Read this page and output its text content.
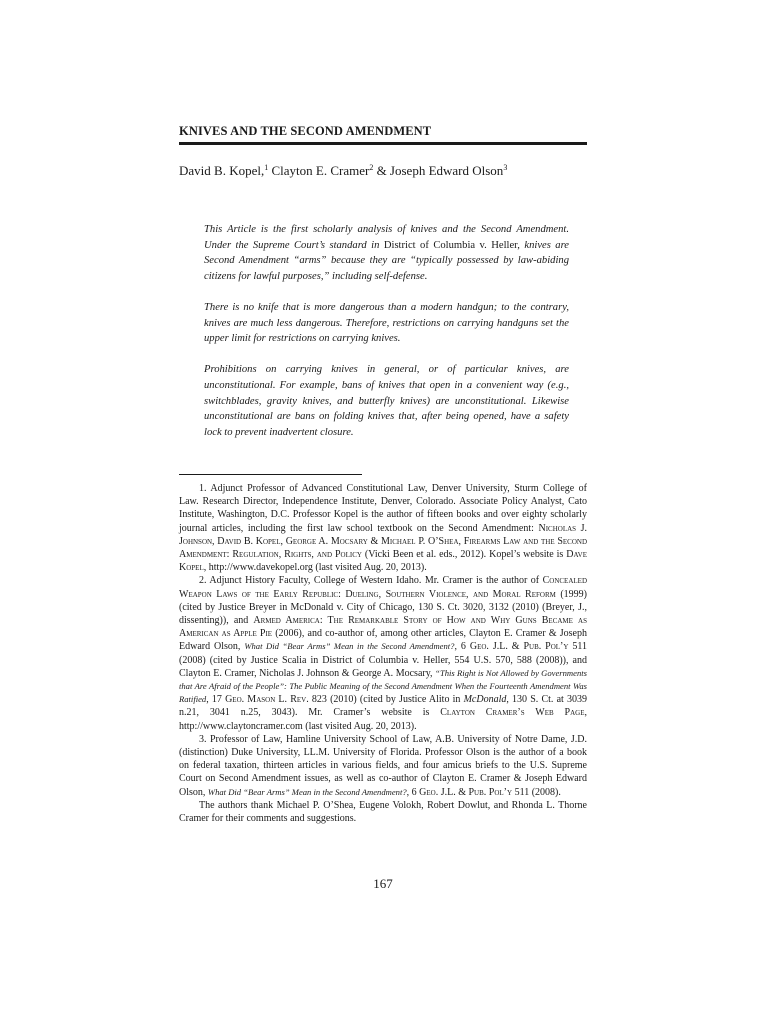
KNIVES AND THE SECOND AMENDMENT
David B. Kopel,$^1$ Clayton E. Cramer$^2$ & Joseph Edward Olson$^3$

This Article is the first scholarly analysis of knives and the Second Amendment. Under the Supreme Court’s standard in District of Columbia v. Heller, knives are Second Amendment “arms” because they are “typically possessed by law-abiding citizens for lawful purposes,” including self-defense.

There is no knife that is more dangerous than a modern handgun; to the contrary, knives are much less dangerous. Therefore, restrictions on carrying handguns set the upper limit for restrictions on carrying knives.

Prohibitions on carrying knives in general, or of particular knives, are unconstitutional. For example, bans of knives that open in a convenient way (e.g., switchblades, gravity knives, and butterfly knives) are unconstitutional. Likewise unconstitutional are bans on folding knives that, after being opened, have a safety lock to prevent inadvertent closure.

1. Adjunct Professor of Advanced Constitutional Law, Denver University, Sturm College of Law. Research Director, Independence Institute, Denver, Colorado. Associate Policy Analyst, Cato Institute, Washington, D.C. Professor Kopel is the author of fifteen books and over eighty scholarly journal articles, including the first law school textbook on the Second Amendment: Nicholas J. Johnson, David B. Kopel, George A. Mocsary & Michael P. O’Shea, Firearms Law and the Second Amendment: Regulation, Rights, and Policy (Vicki Been et al. eds., 2012). Kopel’s website is Dave Kopel, http://www.davekopel.org (last visited Aug. 20, 2013).

2. Adjunct History Faculty, College of Western Idaho. Mr. Cramer is the author of Concealed Weapon Laws of the Early Republic: Dueling, Southern Violence, and Moral Reform (1999) (cited by Justice Breyer in McDonald v. City of Chicago, 130 S. Ct. 3020, 3132 (2010) (Breyer, J., dissenting)), and Armed America: The Remarkable Story of How and Why Guns Became as American as Apple Pie (2006), and co-author of, among other articles, Clayton E. Cramer & Joseph Edward Olson, What Did “Bear Arms” Mean in the Second Amendment?, 6 Geo. J.L. & Pub. Pol’y 511 (2008) (cited by Justice Scalia in District of Columbia v. Heller, 554 U.S. 570, 588 (2008)), and Clayton E. Cramer, Nicholas J. Johnson & George A. Mocsary, “This Right is Not Allowed by Governments that Are Afraid of the People”: The Public Meaning of the Second Amendment When the Fourteenth Amendment Was Ratified, 17 Geo. Mason L. Rev. 823 (2010) (cited by Justice Alito in McDonald, 130 S. Ct. at 3039 n.21, 3041 n.25, 3043). Mr. Cramer’s website is Clayton Cramer’s Web Page, http://www.claytoncramer.com (last visited Aug. 20, 2013).

3. Professor of Law, Hamline University School of Law, A.B. University of Notre Dame, J.D. (distinction) Duke University, LL.M. University of Florida. Professor Olson is the author of a book on federal taxation, thirteen articles in various fields, and four amicus briefs to the U.S. Supreme Court on Second Amendment issues, as well as co-author of Clayton E. Cramer & Joseph Edward Olson, What Did “Bear Arms” Mean in the Second Amendment?, 6 Geo. J.L. & Pub. Pol’y 511 (2008).

The authors thank Michael P. O’Shea, Eugene Volokh, Robert Dowlut, and Rhonda L. Thorne Cramer for their comments and suggestions.

167
